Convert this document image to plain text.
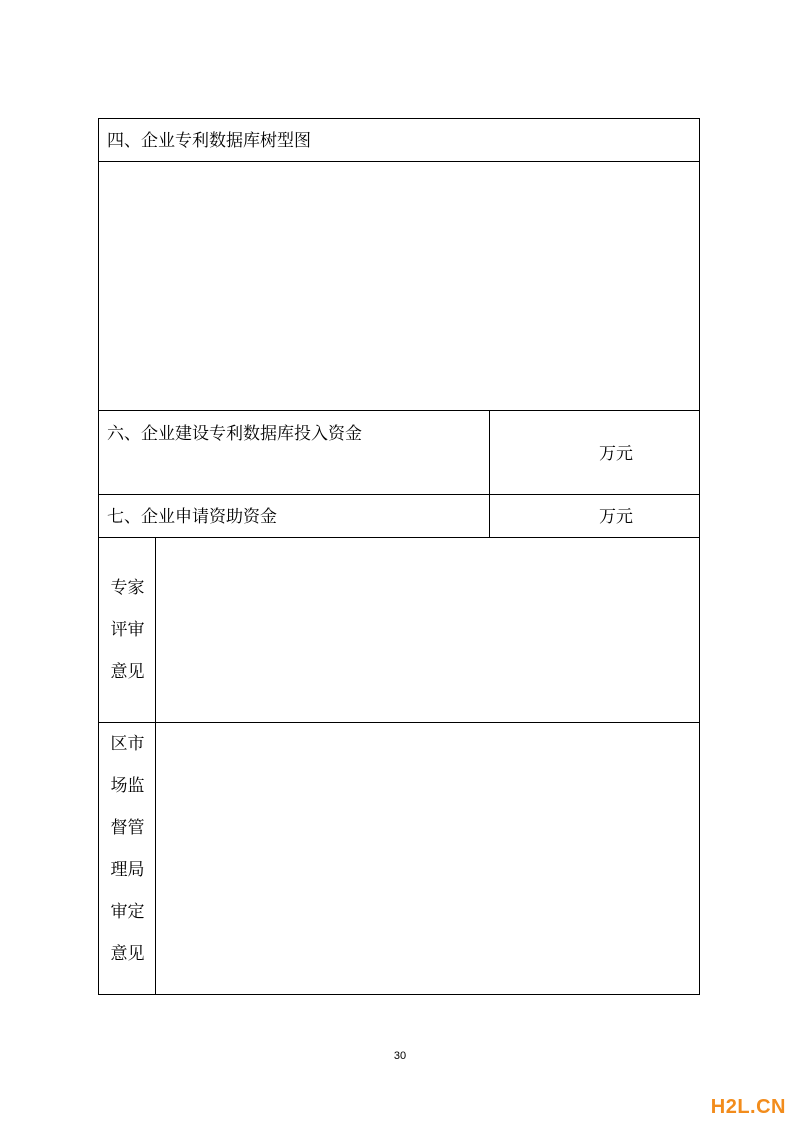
四、企业专利数据库树型图
六、企业建设专利数据库投入资金
万元
七、企业申请资助资金	万元
专家
评审
意见
区市
场监
督管
理局
审定
意见
30
H2L.CN
